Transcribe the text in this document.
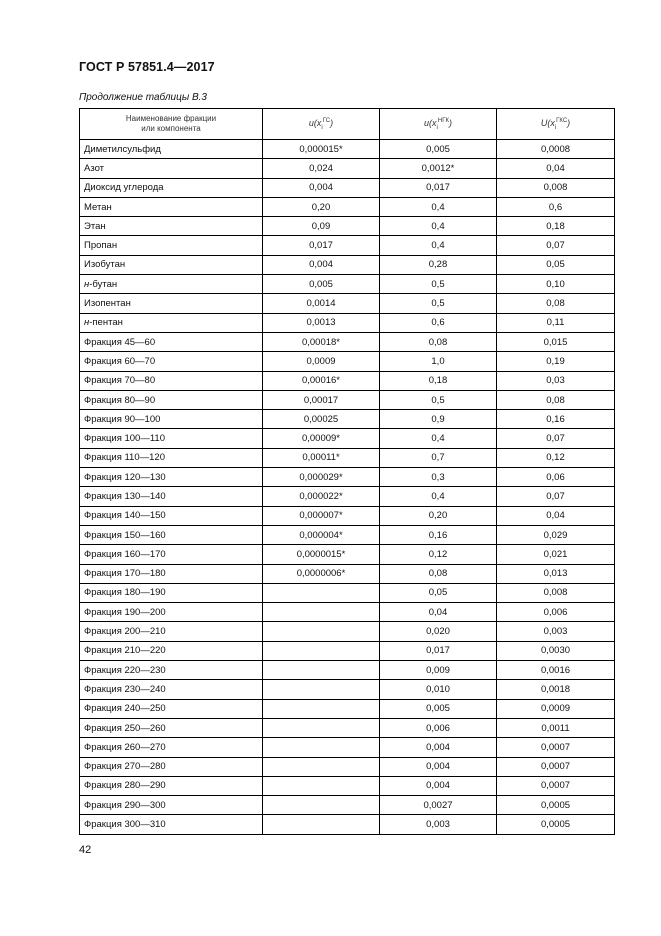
ГОСТ Р 57851.4—2017
Продолжение таблицы В.3
Наименование фракции
или компонента	$u(x_i^{ГС})$	$u(x_i^{НГК})$	$U(x_i^{ГКС})$
Диметилсульфид	0,000015*	0,005	0,0008
Азот	0,024	0,0012*	0,04
Диоксид углерода	0,004	0,017	0,008
Метан	0,20	0,4	0,6
Этан	0,09	0,4	0,18
Пропан	0,017	0,4	0,07
Изобутан	0,004	0,28	0,05
н-бутан	0,005	0,5	0,10
Изопентан	0,0014	0,5	0,08
н-пентан	0,0013	0,6	0,11
Фракция 45—60	0,00018*	0,08	0,015
Фракция 60—70	0,0009	1,0	0,19
Фракция 70—80	0,00016*	0,18	0,03
Фракция 80—90	0,00017	0,5	0,08
Фракция 90—100	0,00025	0,9	0,16
Фракция 100—110	0,00009*	0,4	0,07
Фракция 110—120	0,00011*	0,7	0,12
Фракция 120—130	0,000029*	0,3	0,06
Фракция 130—140	0,000022*	0,4	0,07
Фракция 140—150	0,000007*	0,20	0,04
Фракция 150—160	0,000004*	0,16	0,029
Фракция 160—170	0,0000015*	0,12	0,021
Фракция 170—180	0,0000006*	0,08	0,013
Фракция 180—190		0,05	0,008
Фракция 190—200		0,04	0,006
Фракция 200—210		0,020	0,003
Фракция 210—220		0,017	0,0030
Фракция 220—230		0,009	0,0016
Фракция 230—240		0,010	0,0018
Фракция 240—250		0,005	0,0009
Фракция 250—260		0,006	0,0011
Фракция 260—270		0,004	0,0007
Фракция 270—280		0,004	0,0007
Фракция 280—290		0,004	0,0007
Фракция 290—300		0,0027	0,0005
Фракция 300—310		0,003	0,0005
42
